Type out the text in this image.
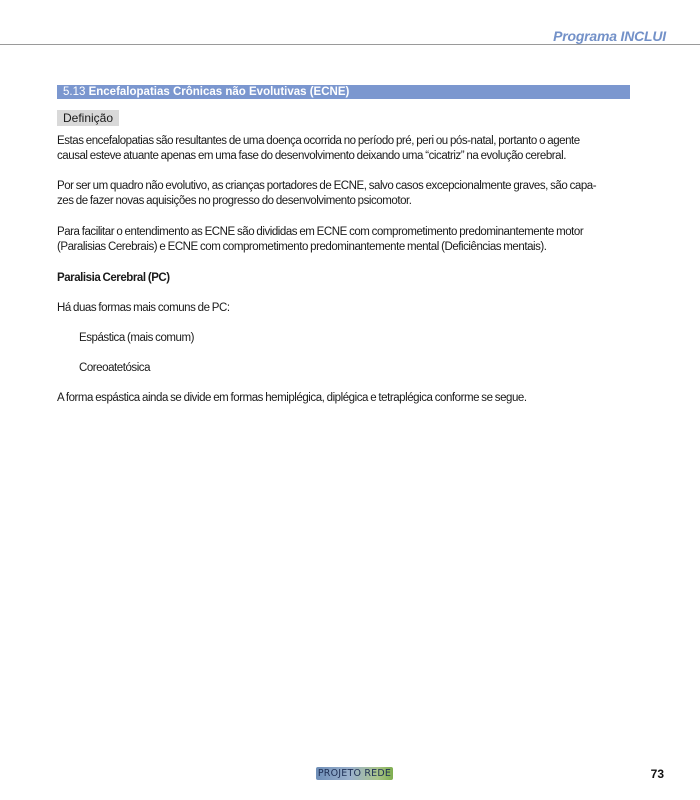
Programa INCLUI
5.13 Encefalopatias Crônicas não Evolutivas (ECNE)
Definição

Estas encefalopatias são resultantes de uma doença ocorrida no período pré, peri ou pós-natal, portanto o agente
causal esteve atuante apenas em uma fase do desenvolvimento deixando uma “cicatriz” na evolução cerebral.

Por ser um quadro não evolutivo, as crianças portadores de ECNE, salvo casos excepcionalmente graves, são capa-
zes de fazer novas aquisições no progresso do desenvolvimento psicomotor.

Para facilitar o entendimento as ECNE são divididas em ECNE com comprometimento predominantemente motor
(Paralisias Cerebrais) e ECNE com comprometimento predominantemente mental (Deficiências mentais).

Paralisia Cerebral (PC)

Há duas formas mais comuns de PC:

Espástica (mais comum)

Coreoatetósica

A forma espástica ainda se divide em formas hemiplégica, diplégica e tetraplégica conforme se segue.

PROJETO REDE	73
